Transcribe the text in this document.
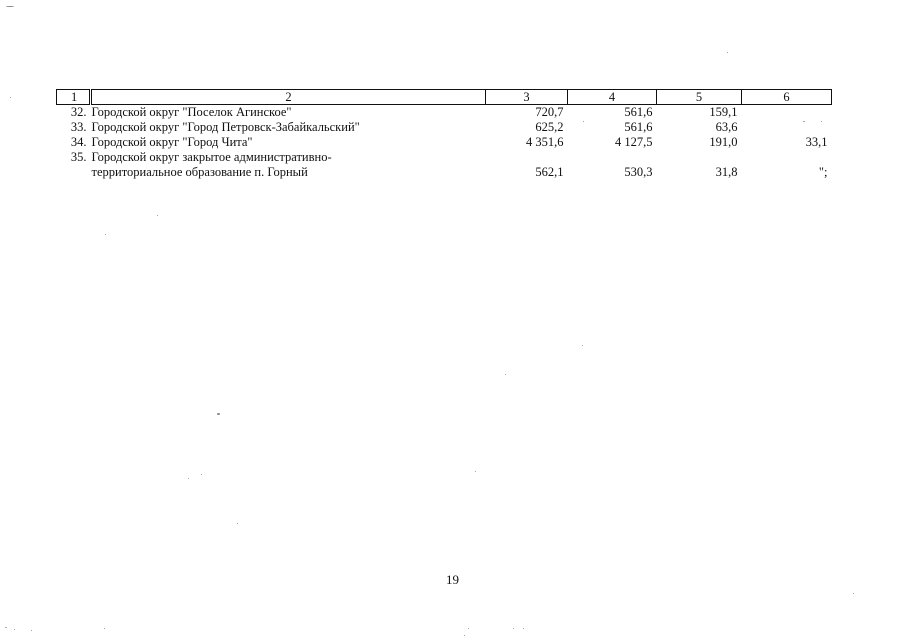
1	2	3	4	5	6
32.	Городской округ "Поселок Агинское"	720,7	561,6	159,1	
33.	Городской округ "Город Петровск-Забайкальский"	625,2	561,6	63,6	
34.	Городской округ "Город Чита"	4 351,6	4 127,5	191,0	33,1
35.	Городской округ закрытое административно-				
	территориальное образование п. Горный	562,1	530,3	31,8	";
19
